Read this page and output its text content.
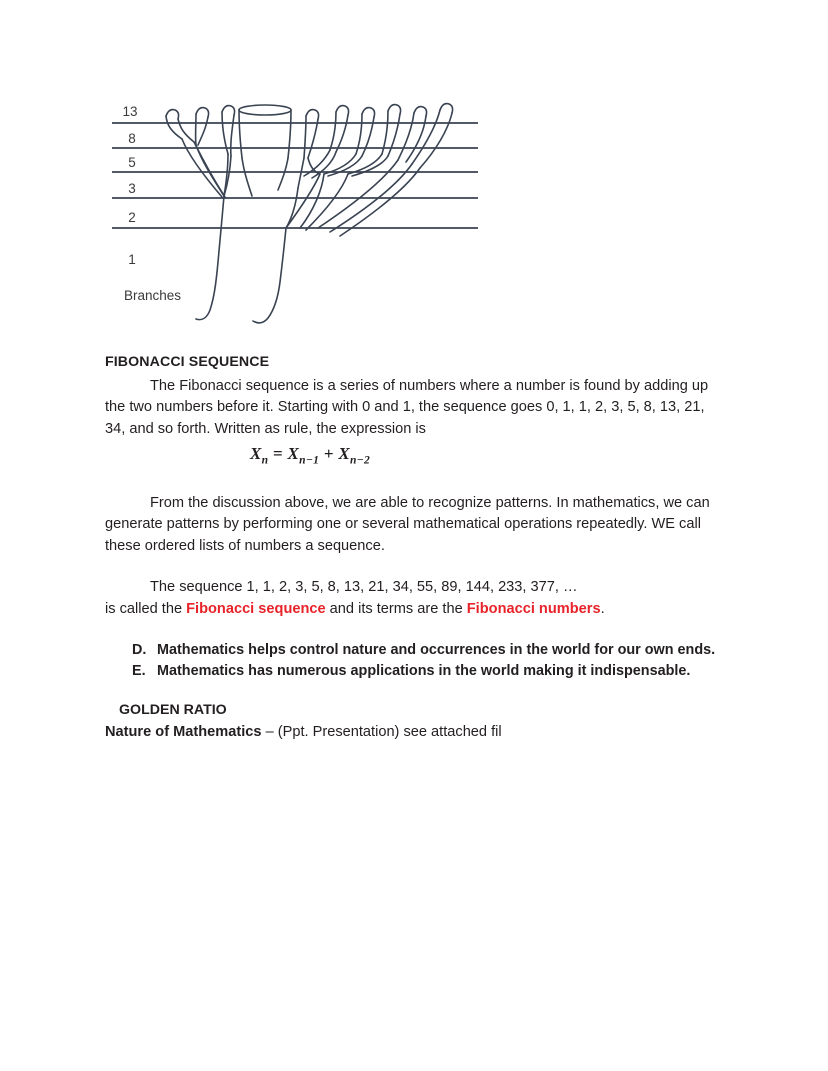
13
8
5
3
2
1
Branches
FIBONACCI SEQUENCE

The Fibonacci sequence is a series of numbers where a number is found by adding up the two numbers before it. Starting with 0 and 1, the sequence goes 0, 1, 1, 2, 3, 5, 8, 13, 21, 34, and so forth. Written as rule, the expression is

$X_n = X_{n-1} + X_{n-2}$

From the discussion above, we are able to recognize patterns. In mathematics, we can generate patterns by performing one or several mathematical operations repeatedly. WE call these ordered lists of numbers a sequence.

The sequence 1, 1, 2, 3, 5, 8, 13, 21, 34, 55, 89, 144, 233, 377, …

is called the Fibonacci sequence and its terms are the Fibonacci numbers.

D. Mathematics helps control nature and occurrences in the world for our own ends.
E. Mathematics has numerous applications in the world making it indispensable.

GOLDEN RATIO

Nature of Mathematics – (Ppt. Presentation) see attached fil
